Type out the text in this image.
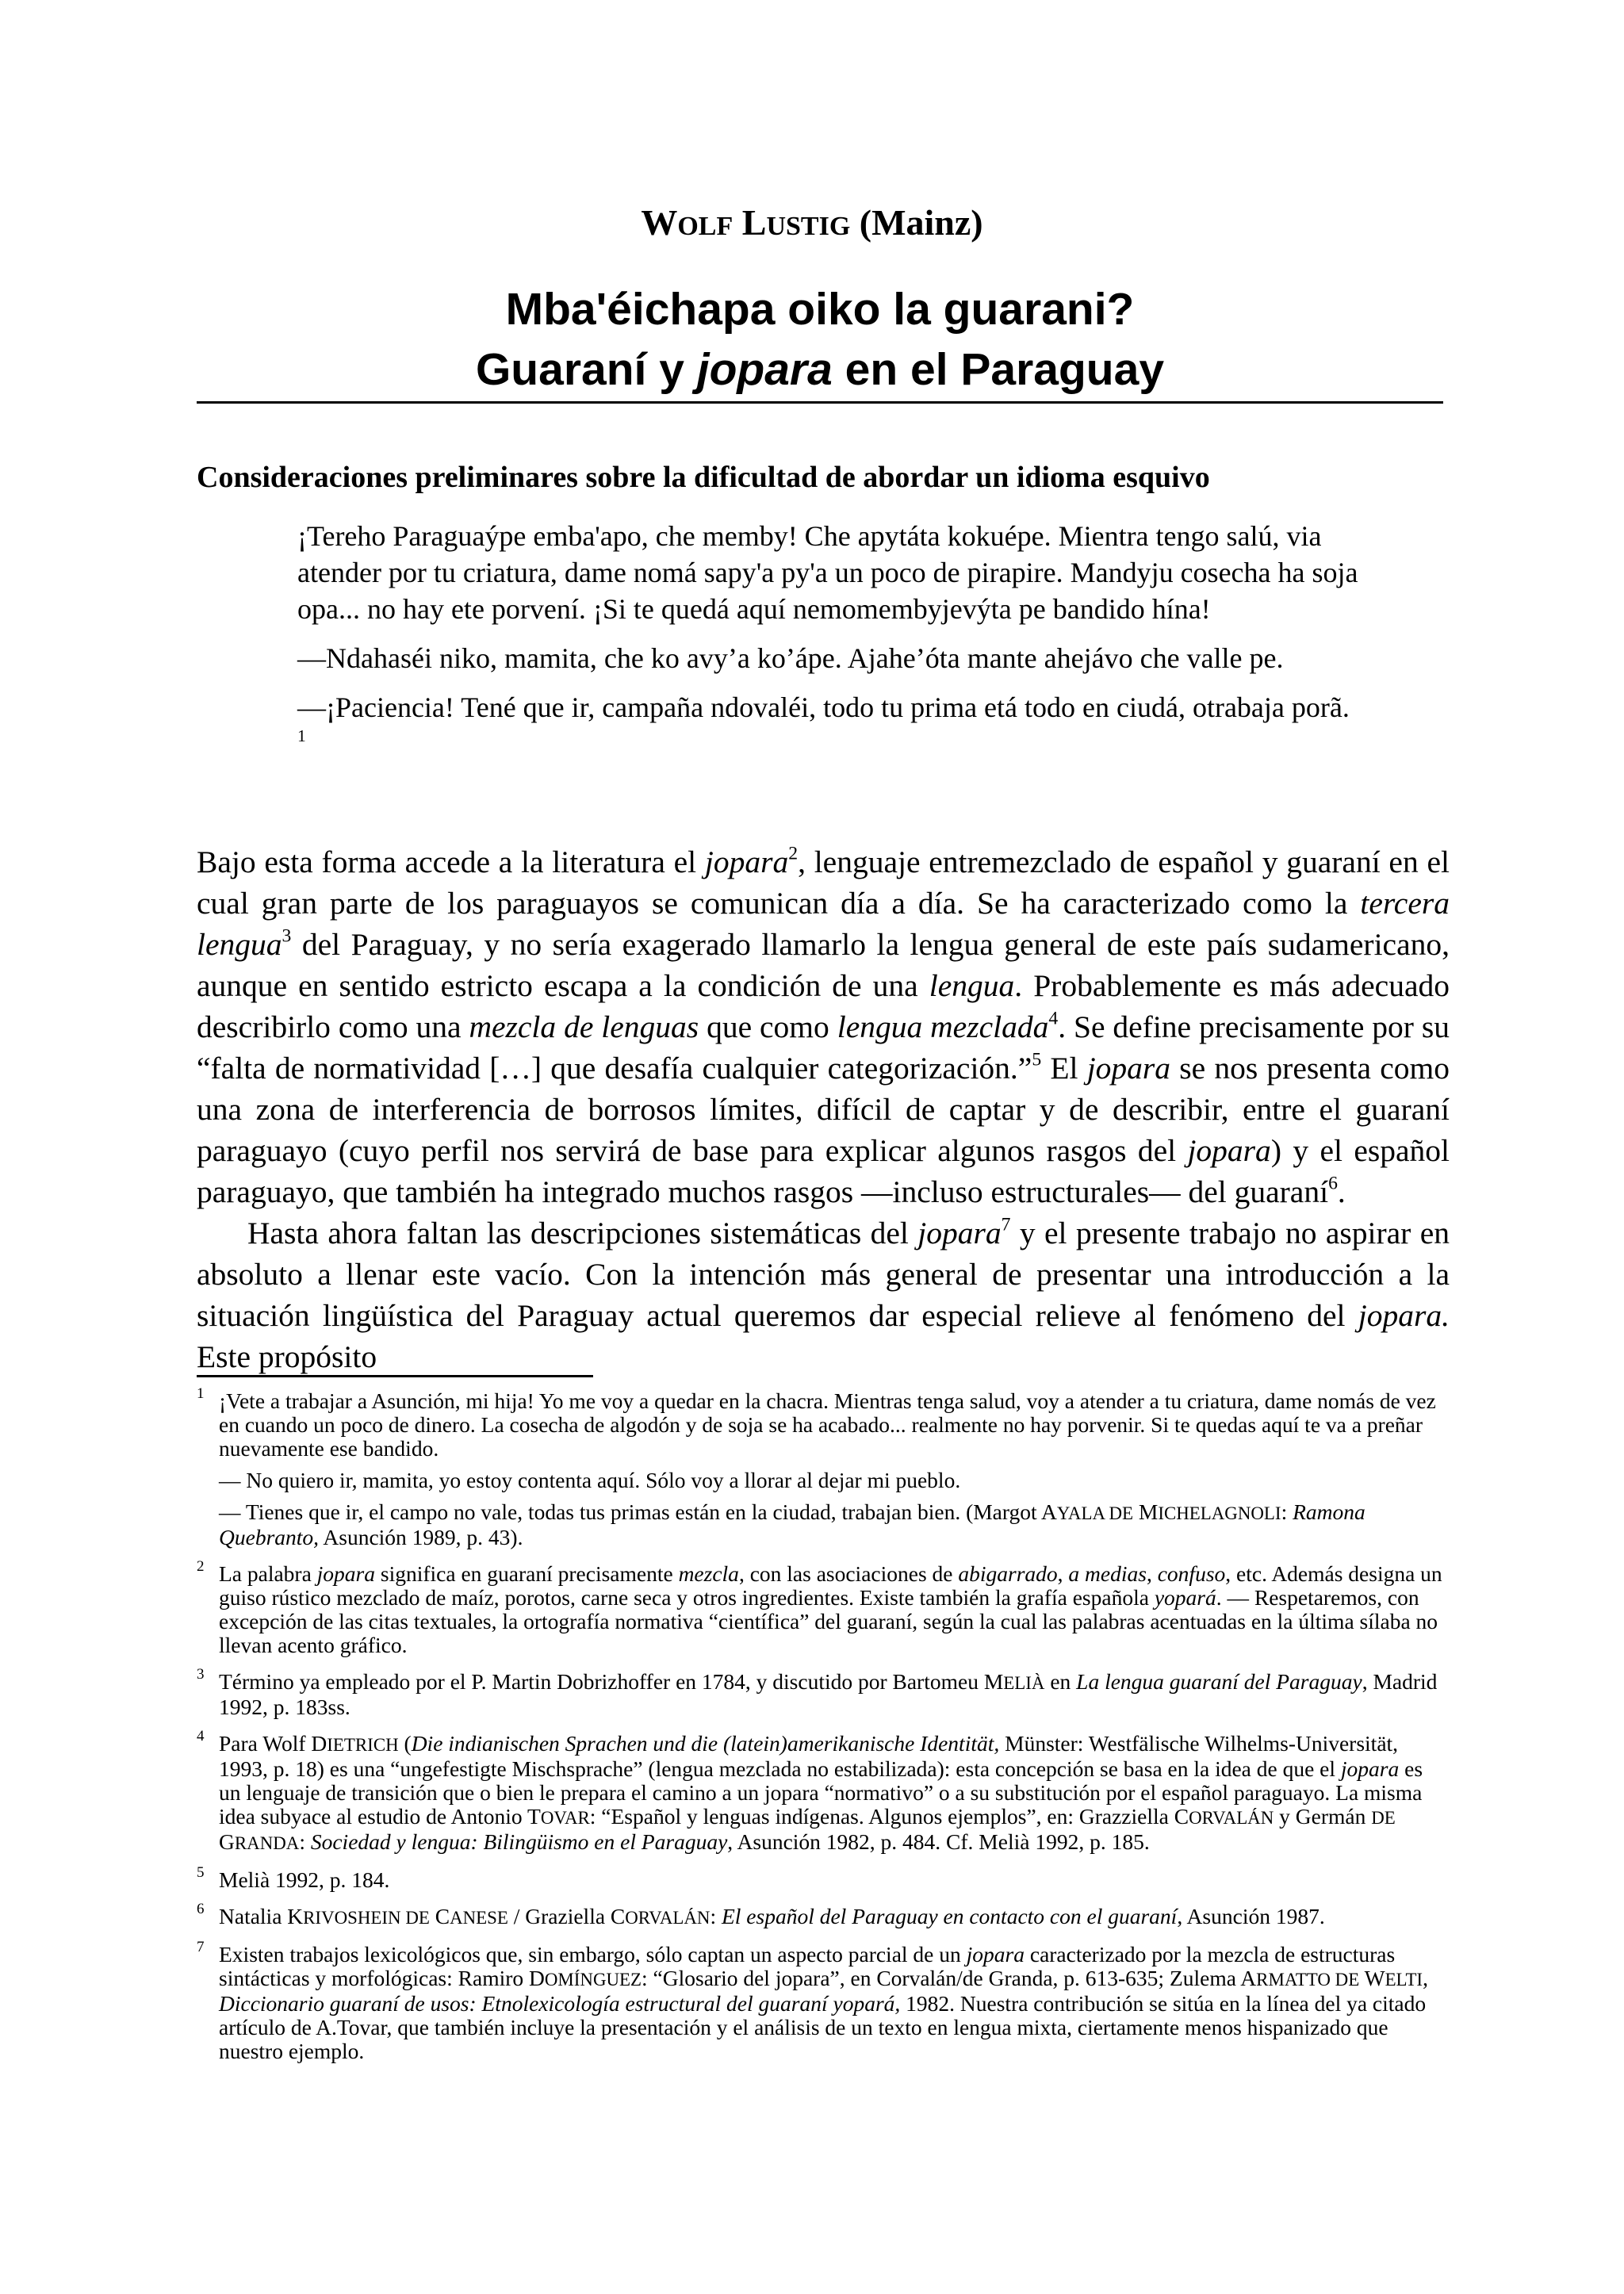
WOLF LUSTIG (Mainz)
Mba'éichapa oiko la guarani?
Guaraní y jopara en el Paraguay
Consideraciones preliminares sobre la dificultad de abordar un idioma esquivo

¡Tereho Paraguaýpe emba'apo, che memby! Che apytáta kokuépe. Mientra tengo salú, via atender por tu criatura, dame nomá sapy'a py'a un poco de pirapire. Mandyju cosecha ha soja opa... no hay ete porvení. ¡Si te quedá aquí nemomembyjevýta pe bandido hína!

—Ndahaséi niko, mamita, che ko avy’a ko’ápe. Ajahe’óta mante ahejávo che valle pe.

—¡Paciencia! Tené que ir, campaña ndovaléi, todo tu prima etá todo en ciudá, otrabaja porã. $^1$

Bajo esta forma accede a la literatura el jopara$^2$, lenguaje entremezclado de español y guaraní en el cual gran parte de los paraguayos se comunican día a día. Se ha caracterizado como la tercera lengua$^3$ del Paraguay, y no sería exagerado llamarlo la lengua general de este país sudamericano, aunque en sentido estricto escapa a la condición de una lengua. Probablemente es más adecuado describirlo como una mezcla de lenguas que como lengua mezclada$^4$. Se define precisamente por su “falta de normatividad […] que desafía cualquier categorización.”$^5$ El jopara se nos presenta como una zona de interferencia de borrosos límites, difícil de captar y de describir, entre el guaraní paraguayo (cuyo perfil nos servirá de base para explicar algunos rasgos del jopara) y el español paraguayo, que también ha integrado muchos rasgos —incluso estructurales— del guaraní$^6$.

Hasta ahora faltan las descripciones sistemáticas del jopara$^7$ y el presente trabajo no aspirar en absoluto a llenar este vacío. Con la intención más general de presentar una introducción a la situación lingüística del Paraguay actual queremos dar especial relieve al fenómeno del jopara. Este propósito

1 ¡Vete a trabajar a Asunción, mi hija! Yo me voy a quedar en la chacra. Mientras tenga salud, voy a atender a tu criatura, dame nomás de vez en cuando un poco de dinero. La cosecha de algodón y de soja se ha acabado... realmente no hay porvenir. Si te quedas aquí te va a preñar nuevamente ese bandido.
— No quiero ir, mamita, yo estoy contenta aquí. Sólo voy a llorar al dejar mi pueblo.
— Tienes que ir, el campo no vale, todas tus primas están en la ciudad, trabajan bien. (Margot AYALA DE MICHELAGNOLI: Ramona Quebranto, Asunción 1989, p. 43).
2 La palabra jopara significa en guaraní precisamente mezcla, con las asociaciones de abigarrado, a medias, confuso, etc. Además designa un guiso rústico mezclado de maíz, porotos, carne seca y otros ingredientes. Existe también la grafía española yopará. — Respetaremos, con excepción de las citas textuales, la ortografía normativa “científica” del guaraní, según la cual las palabras acentuadas en la última sílaba no llevan acento gráfico.
3 Término ya empleado por el P. Martin Dobrizhoffer en 1784, y discutido por Bartomeu MELIÀ en La lengua guaraní del Paraguay, Madrid 1992, p. 183ss.
4 Para Wolf DIETRICH (Die indianischen Sprachen und die (latein)amerikanische Identität, Münster: Westfälische Wilhelms-Universität, 1993, p. 18) es una “ungefestigte Mischsprache” (lengua mezclada no estabilizada): esta concepción se basa en la idea de que el jopara es un lenguaje de transición que o bien le prepara el camino a un jopara “normativo” o a su substitución por el español paraguayo. La misma idea subyace al estudio de Antonio TOVAR: “Español y lenguas indígenas. Algunos ejemplos”, en: Grazziella CORVALÁN y Germán DE GRANDA: Sociedad y lengua: Bilingüismo en el Paraguay, Asunción 1982, p. 484. Cf. Melià 1992, p. 185.
5 Melià 1992, p. 184.
6 Natalia KRIVOSHEIN DE CANESE / Graziella CORVALÁN: El español del Paraguay en contacto con el guaraní, Asunción 1987.
7 Existen trabajos lexicológicos que, sin embargo, sólo captan un aspecto parcial de un jopara caracterizado por la mezcla de estructuras sintácticas y morfológicas: Ramiro DOMÍNGUEZ: “Glosario del jopara”, en Corvalán/de Granda, p. 613-635; Zulema ARMATTO DE WELTI, Diccionario guaraní de usos: Etnolexicología estructural del guaraní yopará, 1982. Nuestra contribución se sitúa en la línea del ya citado artículo de A.Tovar, que también incluye la presentación y el análisis de un texto en lengua mixta, ciertamente menos hispanizado que nuestro ejemplo.
